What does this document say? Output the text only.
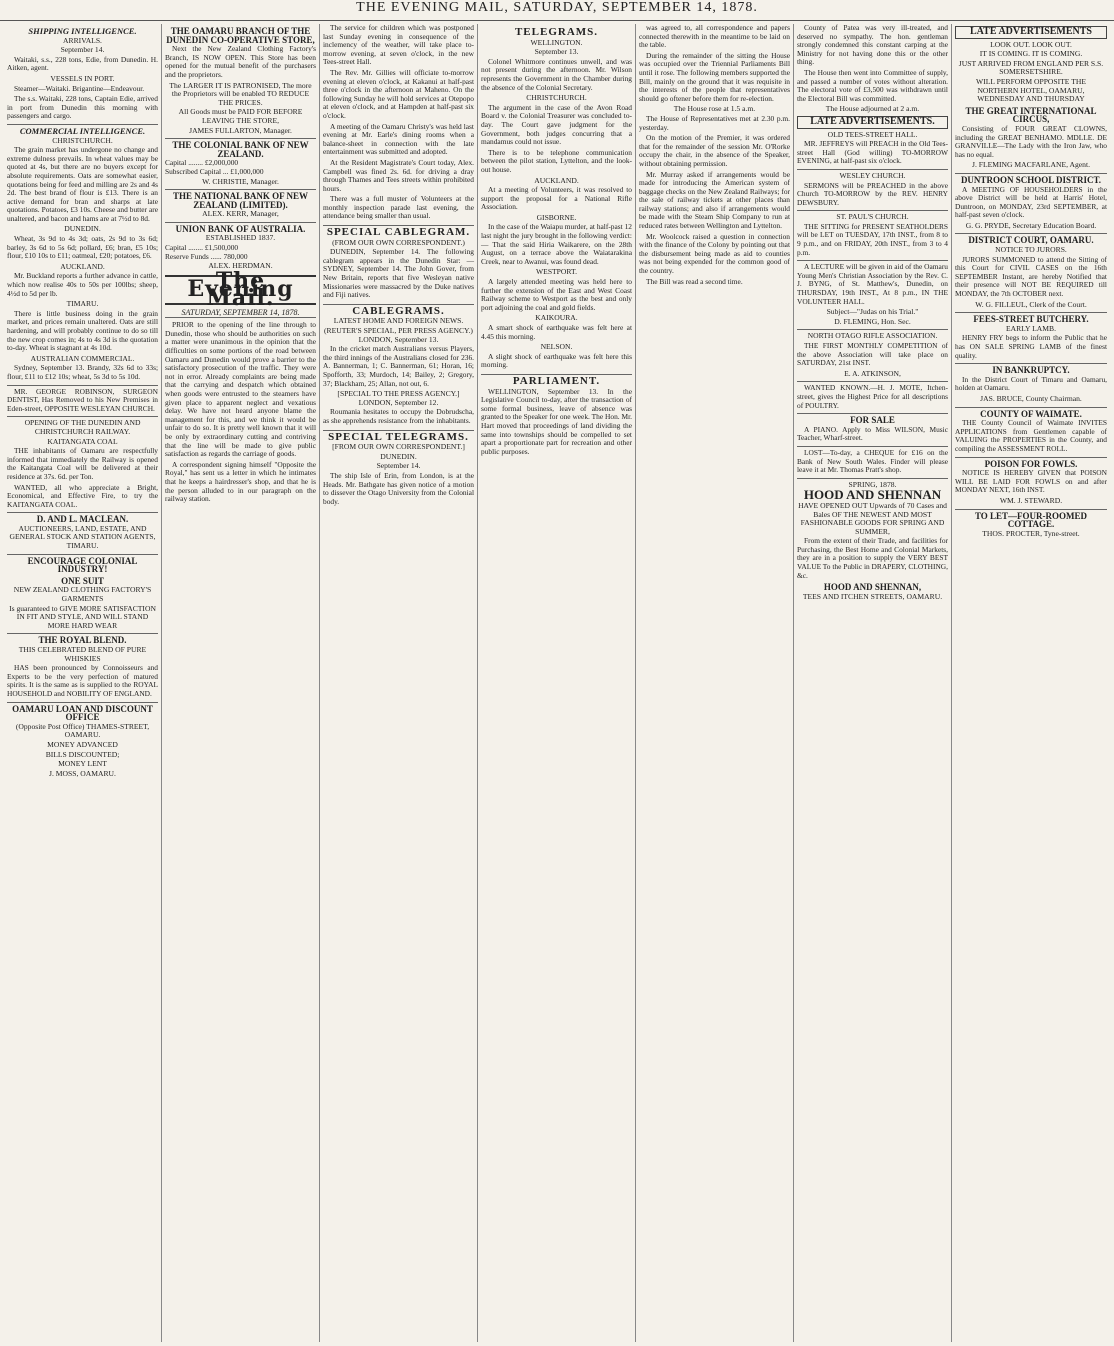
THE EVENING MAIL, SATURDAY, SEPTEMBER 14, 1878.
SHIPPING INTELLIGENCE.
ARRIVALS.
September 14.

Waitaki, s.s., 228 tons, Edie, from Dunedin. H. Aitken, agent.

VESSELS IN PORT.

Steamer—Waitaki. Brigantine—Endeavour.

The s.s. Waitaki, 228 tons, Captain Edie, arrived in port from Dunedin this morning with passengers and cargo.

COMMERCIAL INTELLIGENCE.
CHRISTCHURCH.

The grain market has undergone no change and extreme dulness prevails. In wheat values may be quoted at 4s, but there are no buyers except for absolute requirements. Oats are somewhat easier, quotations being for feed and milling are 2s and 4s 2d. The best brand of flour is £13. There is an active demand for bran and sharps at late quotations. Potatoes, £3 10s. Cheese and butter are unaltered, and bacon and hams are at 7½d to 8d.

DUNEDIN.

Wheat, 3s 9d to 4s 3d; oats, 2s 9d to 3s 6d; barley, 3s 6d to 5s 6d; pollard, £6; bran, £5 10s; flour, £10 10s to £11; oatmeal, £20; potatoes, £6.

AUCKLAND.

Mr. Buckland reports a further advance in cattle, which now realise 40s to 50s per 100lbs; sheep, 4½d to 5d per lb.

TIMARU.

There is little business doing in the grain market, and prices remain unaltered. Oats are still hardening, and will probably continue to do so till the new crop comes in; 4s to 4s 3d is the quotation to-day. Wheat is stagnant at 4s 10d.

AUSTRALIAN COMMERCIAL.

Sydney, September 13. Brandy, 32s 6d to 33s; flour, £11 to £12 10s; wheat, 5s 3d to 5s 10d.

MR. GEORGE ROBINSON, SURGEON DENTIST, Has Removed to his New Premises in Eden-street, OPPOSITE WESLEYAN CHURCH.

OPENING OF THE DUNEDIN AND CHRISTCHURCH RAILWAY.
KAITANGATA COAL

THE inhabitants of Oamaru are respectfully informed that immediately the Railway is opened the Kaitangata Coal will be delivered at their residence at 37s. 6d. per Ton.

WANTED, all who appreciate a Bright, Economical, and Effective Fire, to try the KAITANGATA COAL.

D. AND L. MACLEAN.
AUCTIONEERS, LAND, ESTATE, AND GENERAL STOCK AND STATION AGENTS, TIMARU.
ENCOURAGE COLONIAL INDUSTRY!
ONE SUIT
NEW ZEALAND CLOTHING FACTORY'S GARMENTS
Is guaranteed to GIVE MORE SATISFACTION IN FIT AND STYLE, AND WILL STAND MORE HARD WEAR
THE ROYAL BLEND.
THIS CELEBRATED BLEND OF PURE WHISKIES

HAS been pronounced by Connoisseurs and Experts to be the very perfection of matured spirits. It is the same as is supplied to the ROYAL HOUSEHOLD and NOBILITY OF ENGLAND.

OAMARU LOAN AND DISCOUNT OFFICE
(Opposite Post Office) THAMES-STREET, OAMARU.
MONEY ADVANCED
BILLS DISCOUNTED;
MONEY LENT
J. MOSS, OAMARU.
THE OAMARU BRANCH OF THE DUNEDIN CO-OPERATIVE STORE,

Next the New Zealand Clothing Factory's Branch, IS NOW OPEN. This Store has been opened for the mutual benefit of the purchasers and the proprietors.

The LARGER IT IS PATRONISED, The more the Proprietors will be enabled TO REDUCE THE PRICES.
All Goods must be PAID FOR BEFORE LEAVING THE STORE,
JAMES FULLARTON, Manager.
THE COLONIAL BANK OF NEW ZEALAND.
Capital ........ £2,000,000
Subscribed Capital ... £1,000,000
W. CHRISTIE, Manager.
THE NATIONAL BANK OF NEW ZEALAND (LIMITED).
ALEX. KERR, Manager,
UNION BANK OF AUSTRALIA.
ESTABLISHED 1837.
Capital ........ £1,500,000
Reserve Funds ...... 780,000
ALEX. HERDMAN.
The Evening Mail.
SATURDAY, SEPTEMBER 14, 1878.

PRIOR to the opening of the line through to Dunedin, those who should be authorities on such a matter were unanimous in the opinion that the difficulties on some portions of the road between Oamaru and Dunedin would prove a barrier to the satisfactory prosecution of the traffic. They were not in error. Already complaints are being made that the carrying and despatch which obtained when goods were entrusted to the steamers have given place to apparent neglect and vexatious delay. We have not heard anyone blame the management for this, and we think it would be unfair to do so. It is pretty well known that it will be only by extraordinary cutting and contriving that the line will be made to give public satisfaction as regards the carriage of goods.

A correspondent signing himself "Opposite the Royal," has sent us a letter in which he intimates that he keeps a hairdresser's shop, and that he is the person alluded to in our paragraph on the railway station.

The service for children which was postponed last Sunday evening in consequence of the inclemency of the weather, will take place to-morrow evening, at seven o'clock, in the new Tees-street Hall.

The Rev. Mr. Gillies will officiate to-morrow evening at eleven o'clock, at Kakanui at half-past three o'clock in the afternoon at Maheno. On the following Sunday he will hold services at Otepopo at eleven o'clock, and at Hampden at half-past six o'clock.

A meeting of the Oamaru Christy's was held last evening at Mr. Earle's dining rooms when a balance-sheet in connection with the late entertainment was submitted and adopted.

At the Resident Magistrate's Court today, Alex. Campbell was fined 2s. 6d. for driving a dray through Thames and Tees streets within prohibited hours.

There was a full muster of Volunteers at the monthly inspection parade last evening, the attendance being smaller than usual.

SPECIAL CABLEGRAM.
(FROM OUR OWN CORRESPONDENT.)

DUNEDIN, September 14. The following cablegram appears in the Dunedin Star: — SYDNEY, September 14. The John Gover, from New Britain, reports that five Wesleyan native Missionaries were massacred by the Duke natives and Fiji natives.

CABLEGRAMS.
LATEST HOME AND FOREIGN NEWS.
(REUTER'S SPECIAL, PER PRESS AGENCY.) LONDON, September 13.

In the cricket match Australians versus Players, the third innings of the Australians closed for 236. A. Bannerman, 1; C. Bannerman, 61; Horan, 16; Spofforth, 33; Murdoch, 14; Bailey, 2; Gregory, 37; Blackham, 25; Allan, not out, 6.

[SPECIAL TO THE PRESS AGENCY.] LONDON, September 12.

Roumania hesitates to occupy the Dobrudscha, as she apprehends resistance from the inhabitants.

SPECIAL TELEGRAMS.
[FROM OUR OWN CORRESPONDENT.]
DUNEDIN.
September 14.

The ship Isle of Erin, from London, is at the Heads. Mr. Bathgate has given notice of a motion to dissever the Otago University from the Colonial body.

TELEGRAMS.
WELLINGTON.
September 13.

Colonel Whitmore continues unwell, and was not present during the afternoon. Mr. Wilson represents the Government in the Chamber during the absence of the Colonial Secretary.

CHRISTCHURCH.

The argument in the case of the Avon Road Board v. the Colonial Treasurer was concluded to-day. The Court gave judgment for the Government, both judges concurring that a mandamus could not issue.

There is to be telephone communication between the pilot station, Lyttelton, and the look-out house.

AUCKLAND.

At a meeting of Volunteers, it was resolved to support the proposal for a National Rifle Association.

GISBORNE.

In the case of the Waiapu murder, at half-past 12 last night the jury brought in the following verdict: — That the said Hiria Waikarere, on the 28th August, on a terrace above the Waiatarakina Creek, near to Awanui, was found dead.

WESTPORT.

A largely attended meeting was held here to further the extension of the East and West Coast Railway scheme to Westport as the best and only port adjoining the coal and gold fields.

KAIKOURA.

A smart shock of earthquake was felt here at 4.45 this morning.

NELSON.

A slight shock of earthquake was felt here this morning.

PARLIAMENT.

WELLINGTON, September 13. In the Legislative Council to-day, after the transaction of some formal business, leave of absence was granted to the Speaker for one week. The Hon. Mr. Hart moved that proceedings of land dividing the same into townships should be compelled to set apart a proportionate part for recreation and other public purposes.

was agreed to, all correspondence and papers connected therewith in the meantime to be laid on the table.

During the remainder of the sitting the House was occupied over the Triennial Parliaments Bill until it rose. The following members supported the Bill, mainly on the ground that it was requisite in the interests of the people that representatives should go oftener before them for re-election.

The House rose at 1.5 a.m.

The House of Representatives met at 2.30 p.m. yesterday.

On the motion of the Premier, it was ordered that for the remainder of the session Mr. O'Rorke occupy the chair, in the absence of the Speaker, without obtaining permission.

Mr. Murray asked if arrangements would be made for introducing the American system of baggage checks on the New Zealand Railways; for the sale of railway tickets at other places than railway stations; and also if arrangements would be made with the Steam Ship Company to run at reduced rates between Wellington and Lyttelton.

Mr. Woolcock raised a question in connection with the finance of the Colony by pointing out that the disbursement being made as aid to counties was not being expended for the common good of the country.

The Bill was read a second time.

County of Patea was very ill-treated, and deserved no sympathy. The hon. gentleman strongly condemned this constant carping at the Ministry for not having done this or the other thing.

The House then went into Committee of supply, and passed a number of votes without alteration. The electoral vote of £3,500 was withdrawn until the Electoral Bill was committed.

The House adjourned at 2 a.m.
LATE ADVERTISEMENTS.
OLD TEES-STREET HALL.

MR. JEFFREYS will PREACH in the Old Tees-street Hall (God willing) TO-MORROW EVENING, at half-past six o'clock.

WESLEY CHURCH.

SERMONS will be PREACHED in the above Church TO-MORROW by the REV. HENRY DEWSBURY.

ST. PAUL'S CHURCH.

THE SITTING for PRESENT SEATHOLDERS will be LET on TUESDAY, 17th INST., from 8 to 9 p.m., and on FRIDAY, 20th INST., from 3 to 4 p.m.

A LECTURE will be given in aid of the Oamaru Young Men's Christian Association by the Rev. C. J. BYNG, of St. Matthew's, Dunedin, on THURSDAY, 19th INST., At 8 p.m., IN THE VOLUNTEER HALL.

Subject—"Judas on his Trial."
D. FLEMING, Hon. Sec.
NORTH OTAGO RIFLE ASSOCIATION.

THE FIRST MONTHLY COMPETITION of the above Association will take place on SATURDAY, 21st INST.

E. A. ATKINSON,

WANTED KNOWN.—H. J. MOTE, Itchen-street, gives the Highest Price for all descriptions of POULTRY.

FOR SALE

A PIANO. Apply to Miss WILSON, Music Teacher, Wharf-street.

LOST—To-day, a CHEQUE for £16 on the Bank of New South Wales. Finder will please leave it at Mr. Thomas Pratt's shop.

SPRING, 1878.
HOOD AND SHENNAN
HAVE OPENED OUT Upwards of 70 Cases and Bales OF THE NEWEST AND MOST FASHIONABLE GOODS FOR SPRING AND SUMMER,

From the extent of their Trade, and facilities for Purchasing, the Best Home and Colonial Markets, they are in a position to supply the VERY BEST VALUE To the Public in DRAPERY, CLOTHING, &c.

HOOD AND SHENNAN,
TEES AND ITCHEN STREETS, OAMARU.
LATE ADVERTISEMENTS
LOOK OUT. LOOK OUT.
IT IS COMING. IT IS COMING.
JUST ARRIVED FROM ENGLAND PER S.S. SOMERSETSHIRE.
WILL PERFORM OPPOSITE THE NORTHERN HOTEL, OAMARU, WEDNESDAY AND THURSDAY
THE GREAT INTERNATIONAL CIRCUS,

Consisting of FOUR GREAT CLOWNS, including the GREAT BENHAMO. MDLLE. DE GRANVILLE—The Lady with the Iron Jaw, who has no equal.

J. FLEMING MACFARLANE, Agent.
DUNTROON SCHOOL DISTRICT.

A MEETING OF HOUSEHOLDERS in the above District will be held at Harris' Hotel, Duntroon, on MONDAY, 23rd SEPTEMBER, at half-past seven o'clock.

G. G. PRYDE, Secretary Education Board.
DISTRICT COURT, OAMARU.
NOTICE TO JURORS.

JURORS SUMMONED to attend the Sitting of this Court for CIVIL CASES on the 16th SEPTEMBER Instant, are hereby Notified that their presence will NOT BE REQUIRED till MONDAY, the 7th OCTOBER next.

W. G. FILLEUL, Clerk of the Court.
FEES-STREET BUTCHERY.
EARLY LAMB.

HENRY FRY begs to inform the Public that he has ON SALE SPRING LAMB of the finest quality.

IN BANKRUPTCY.

In the District Court of Timaru and Oamaru, holden at Oamaru.

JAS. BRUCE, County Chairman.
COUNTY OF WAIMATE.

THE County Council of Waimate INVITES APPLICATIONS from Gentlemen capable of VALUING the PROPERTIES in the County, and compiling the ASSESSMENT ROLL.

POISON FOR FOWLS.

NOTICE IS HEREBY GIVEN that POISON WILL BE LAID FOR FOWLS on and after MONDAY NEXT, 16th INST.

WM. J. STEWARD.
TO LET—FOUR-ROOMED COTTAGE.
THOS. PROCTER, Tyne-street.
